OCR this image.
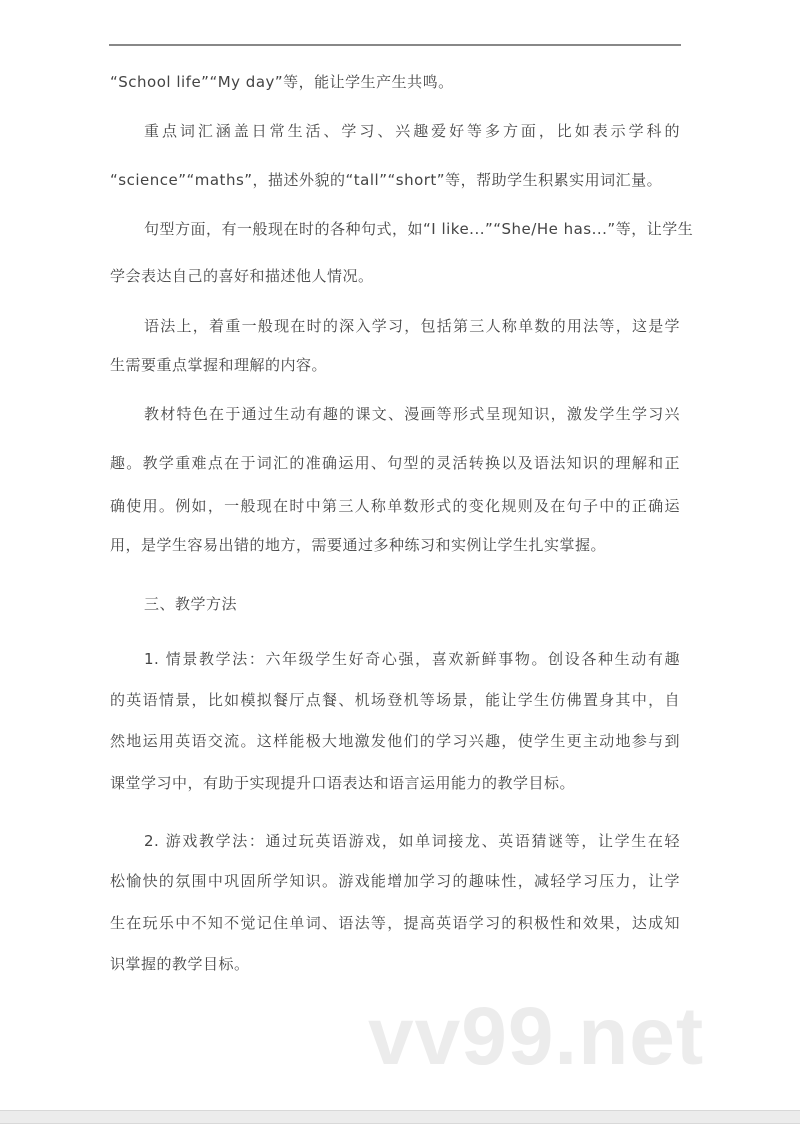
“School life”“My day”等，能让学生产生共鸣。
重点词汇涵盖日常生活、学习、兴趣爱好等多方面，比如表示学科的
“science”“maths”，描述外貌的“tall”“short”等，帮助学生积累实用词汇量。
句型方面，有一般现在时的各种句式，如“I like...”“She/He has...”等，让学生
学会表达自己的喜好和描述他人情况。
语法上，着重一般现在时的深入学习，包括第三人称单数的用法等，这是学
生需要重点掌握和理解的内容。
教材特色在于通过生动有趣的课文、漫画等形式呈现知识，激发学生学习兴
趣。教学重难点在于词汇的准确运用、句型的灵活转换以及语法知识的理解和正
确使用。例如，一般现在时中第三人称单数形式的变化规则及在句子中的正确运
用，是学生容易出错的地方，需要通过多种练习和实例让学生扎实掌握。
三、教学方法
1. 情景教学法：六年级学生好奇心强，喜欢新鲜事物。创设各种生动有趣
的英语情景，比如模拟餐厅点餐、机场登机等场景，能让学生仿佛置身其中，自
然地运用英语交流。这样能极大地激发他们的学习兴趣，使学生更主动地参与到
课堂学习中，有助于实现提升口语表达和语言运用能力的教学目标。
2. 游戏教学法：通过玩英语游戏，如单词接龙、英语猜谜等，让学生在轻
松愉快的氛围中巩固所学知识。游戏能增加学习的趣味性，减轻学习压力，让学
生在玩乐中不知不觉记住单词、语法等，提高英语学习的积极性和效果，达成知
识掌握的教学目标。
vv99.net
